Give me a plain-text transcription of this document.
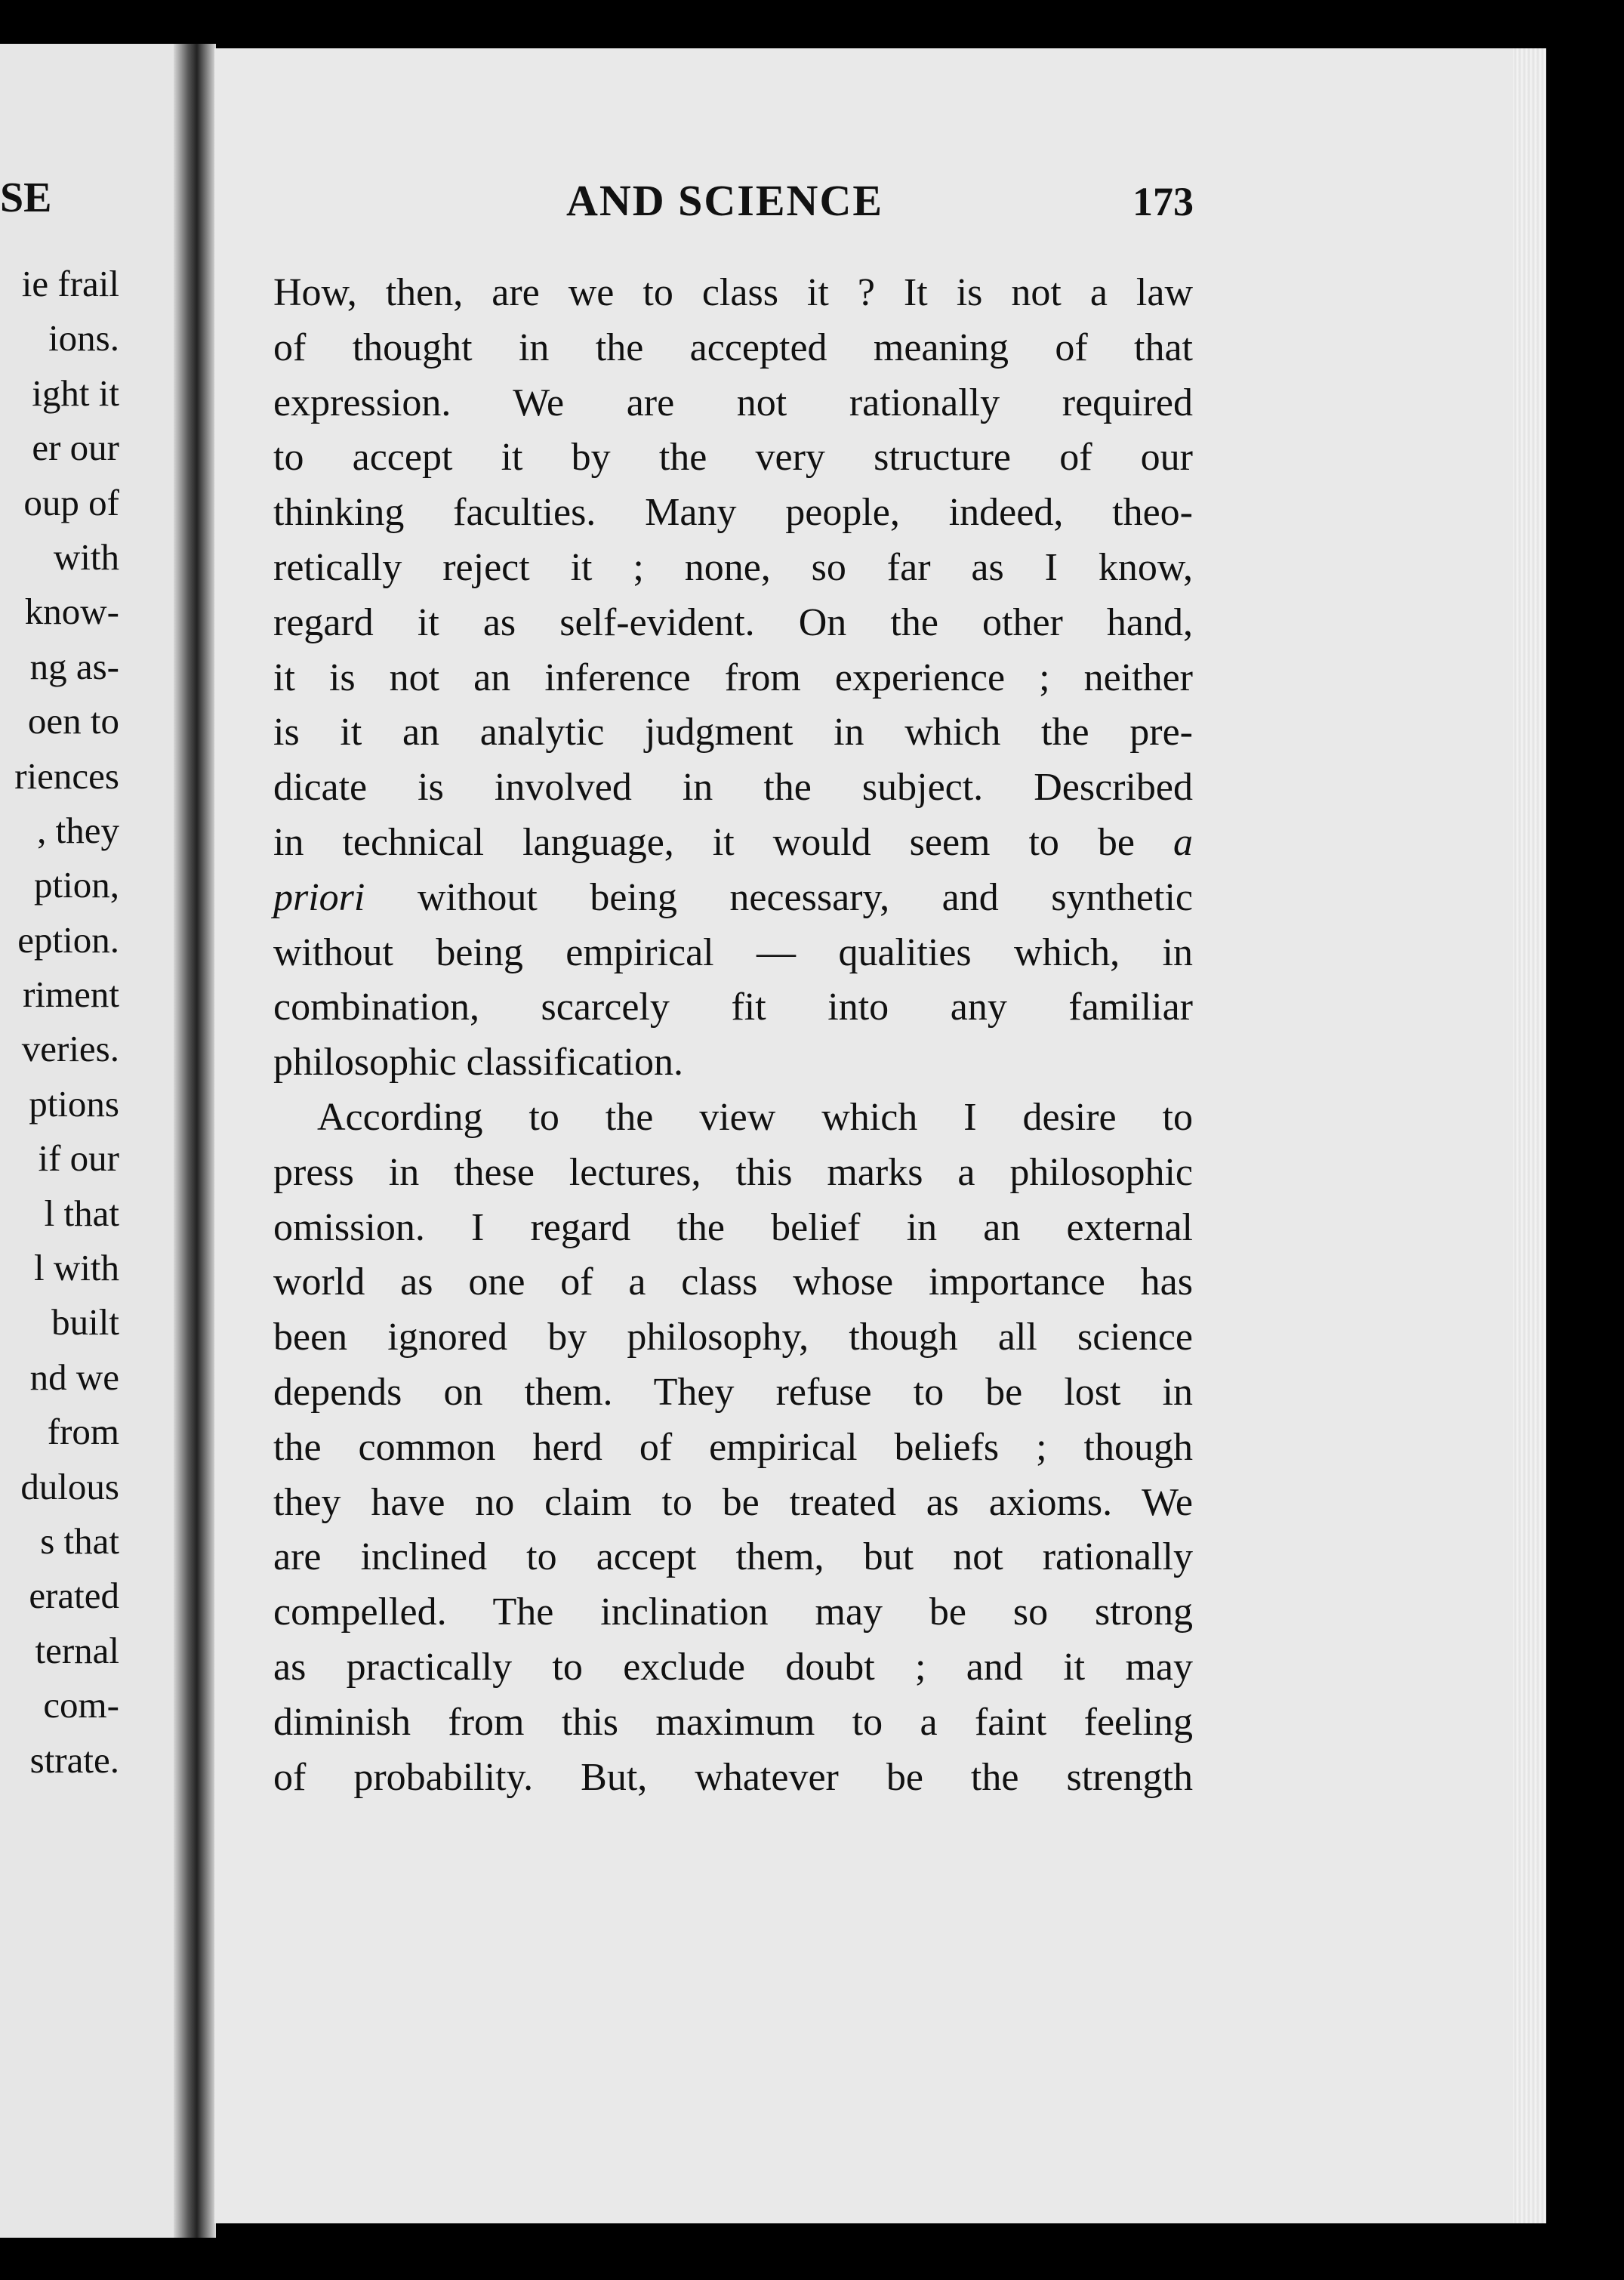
SE
ie frail
ions.
ight it
er our
oup of
with
know-
ng as-
oen to
riences
, they
ption,
eption.
riment
veries.
ptions
if our
l that
l with
built
nd we
from
dulous
s that
erated
ternal
com-
strate.
AND SCIENCE	173
How, then, are we to class it ? It is not a law
of thought in the accepted meaning of that
expression. We are not rationally required
to accept it by the very structure of our
thinking faculties. Many people, indeed, theo-
retically reject it ; none, so far as I know,
regard it as self-evident. On the other hand,
it is not an inference from experience ; neither
is it an analytic judgment in which the pre-
dicate is involved in the subject. Described
in technical language, it would seem to be a
priori without being necessary, and synthetic
without being empirical — qualities which, in
combination, scarcely fit into any familiar
philosophic classification.
According to the view which I desire to
press in these lectures, this marks a philosophic
omission. I regard the belief in an external
world as one of a class whose importance has
been ignored by philosophy, though all science
depends on them. They refuse to be lost in
the common herd of empirical beliefs ; though
they have no claim to be treated as axioms. We
are inclined to accept them, but not rationally
compelled. The inclination may be so strong
as practically to exclude doubt ; and it may
diminish from this maximum to a faint feeling
of probability. But, whatever be the strength
